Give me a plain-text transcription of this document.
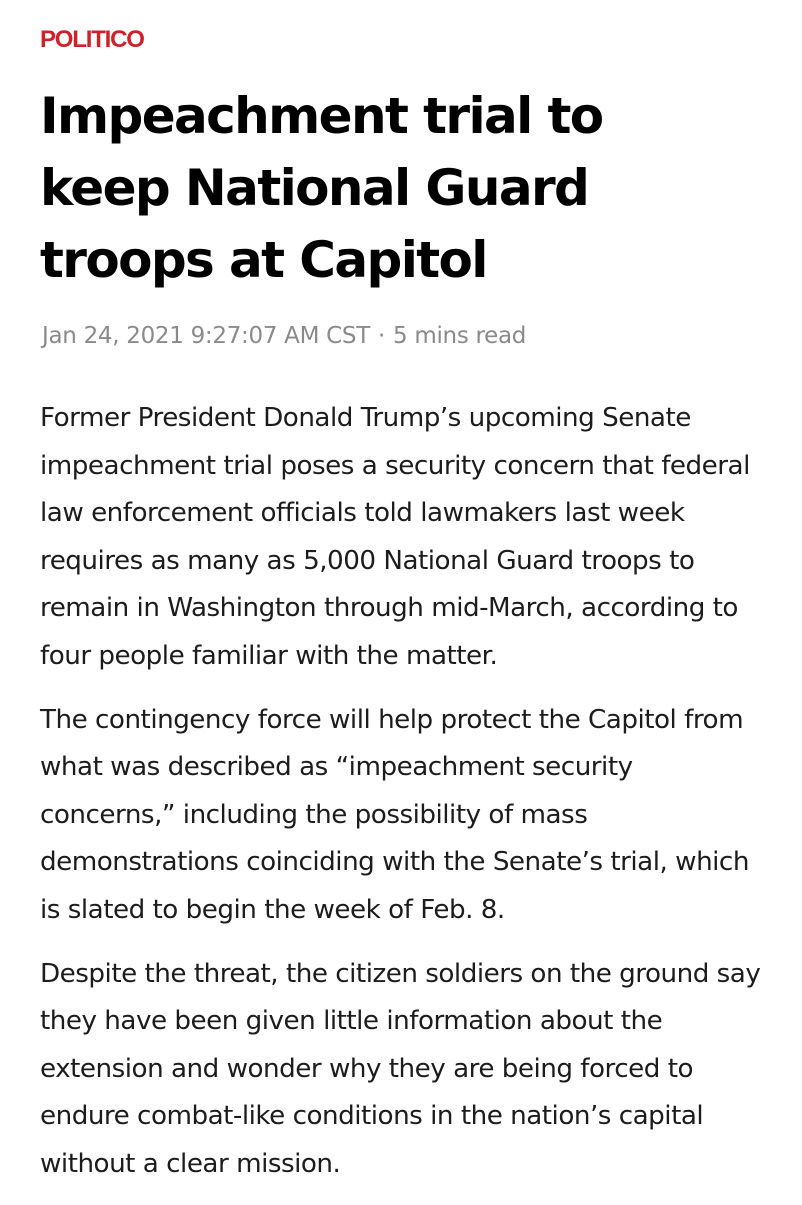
POLITICO
Impeachment trial to keep National Guard troops at Capitol
Jan 24, 2021 9:27:07 AM CST · 5 mins read

Former President Donald Trump’s upcoming Senate impeachment trial poses a security concern that federal law enforcement officials told lawmakers last week requires as many as 5,000 National Guard troops to remain in Washington through mid-March, according to four people familiar with the matter.

The contingency force will help protect the Capitol from what was described as “impeachment security concerns,” including the possibility of mass demonstrations coinciding with the Senate’s trial, which is slated to begin the week of Feb. 8.

Despite the threat, the citizen soldiers on the ground say they have been given little information about the extension and wonder why they are being forced to endure combat-like conditions in the nation’s capital without a clear mission.
